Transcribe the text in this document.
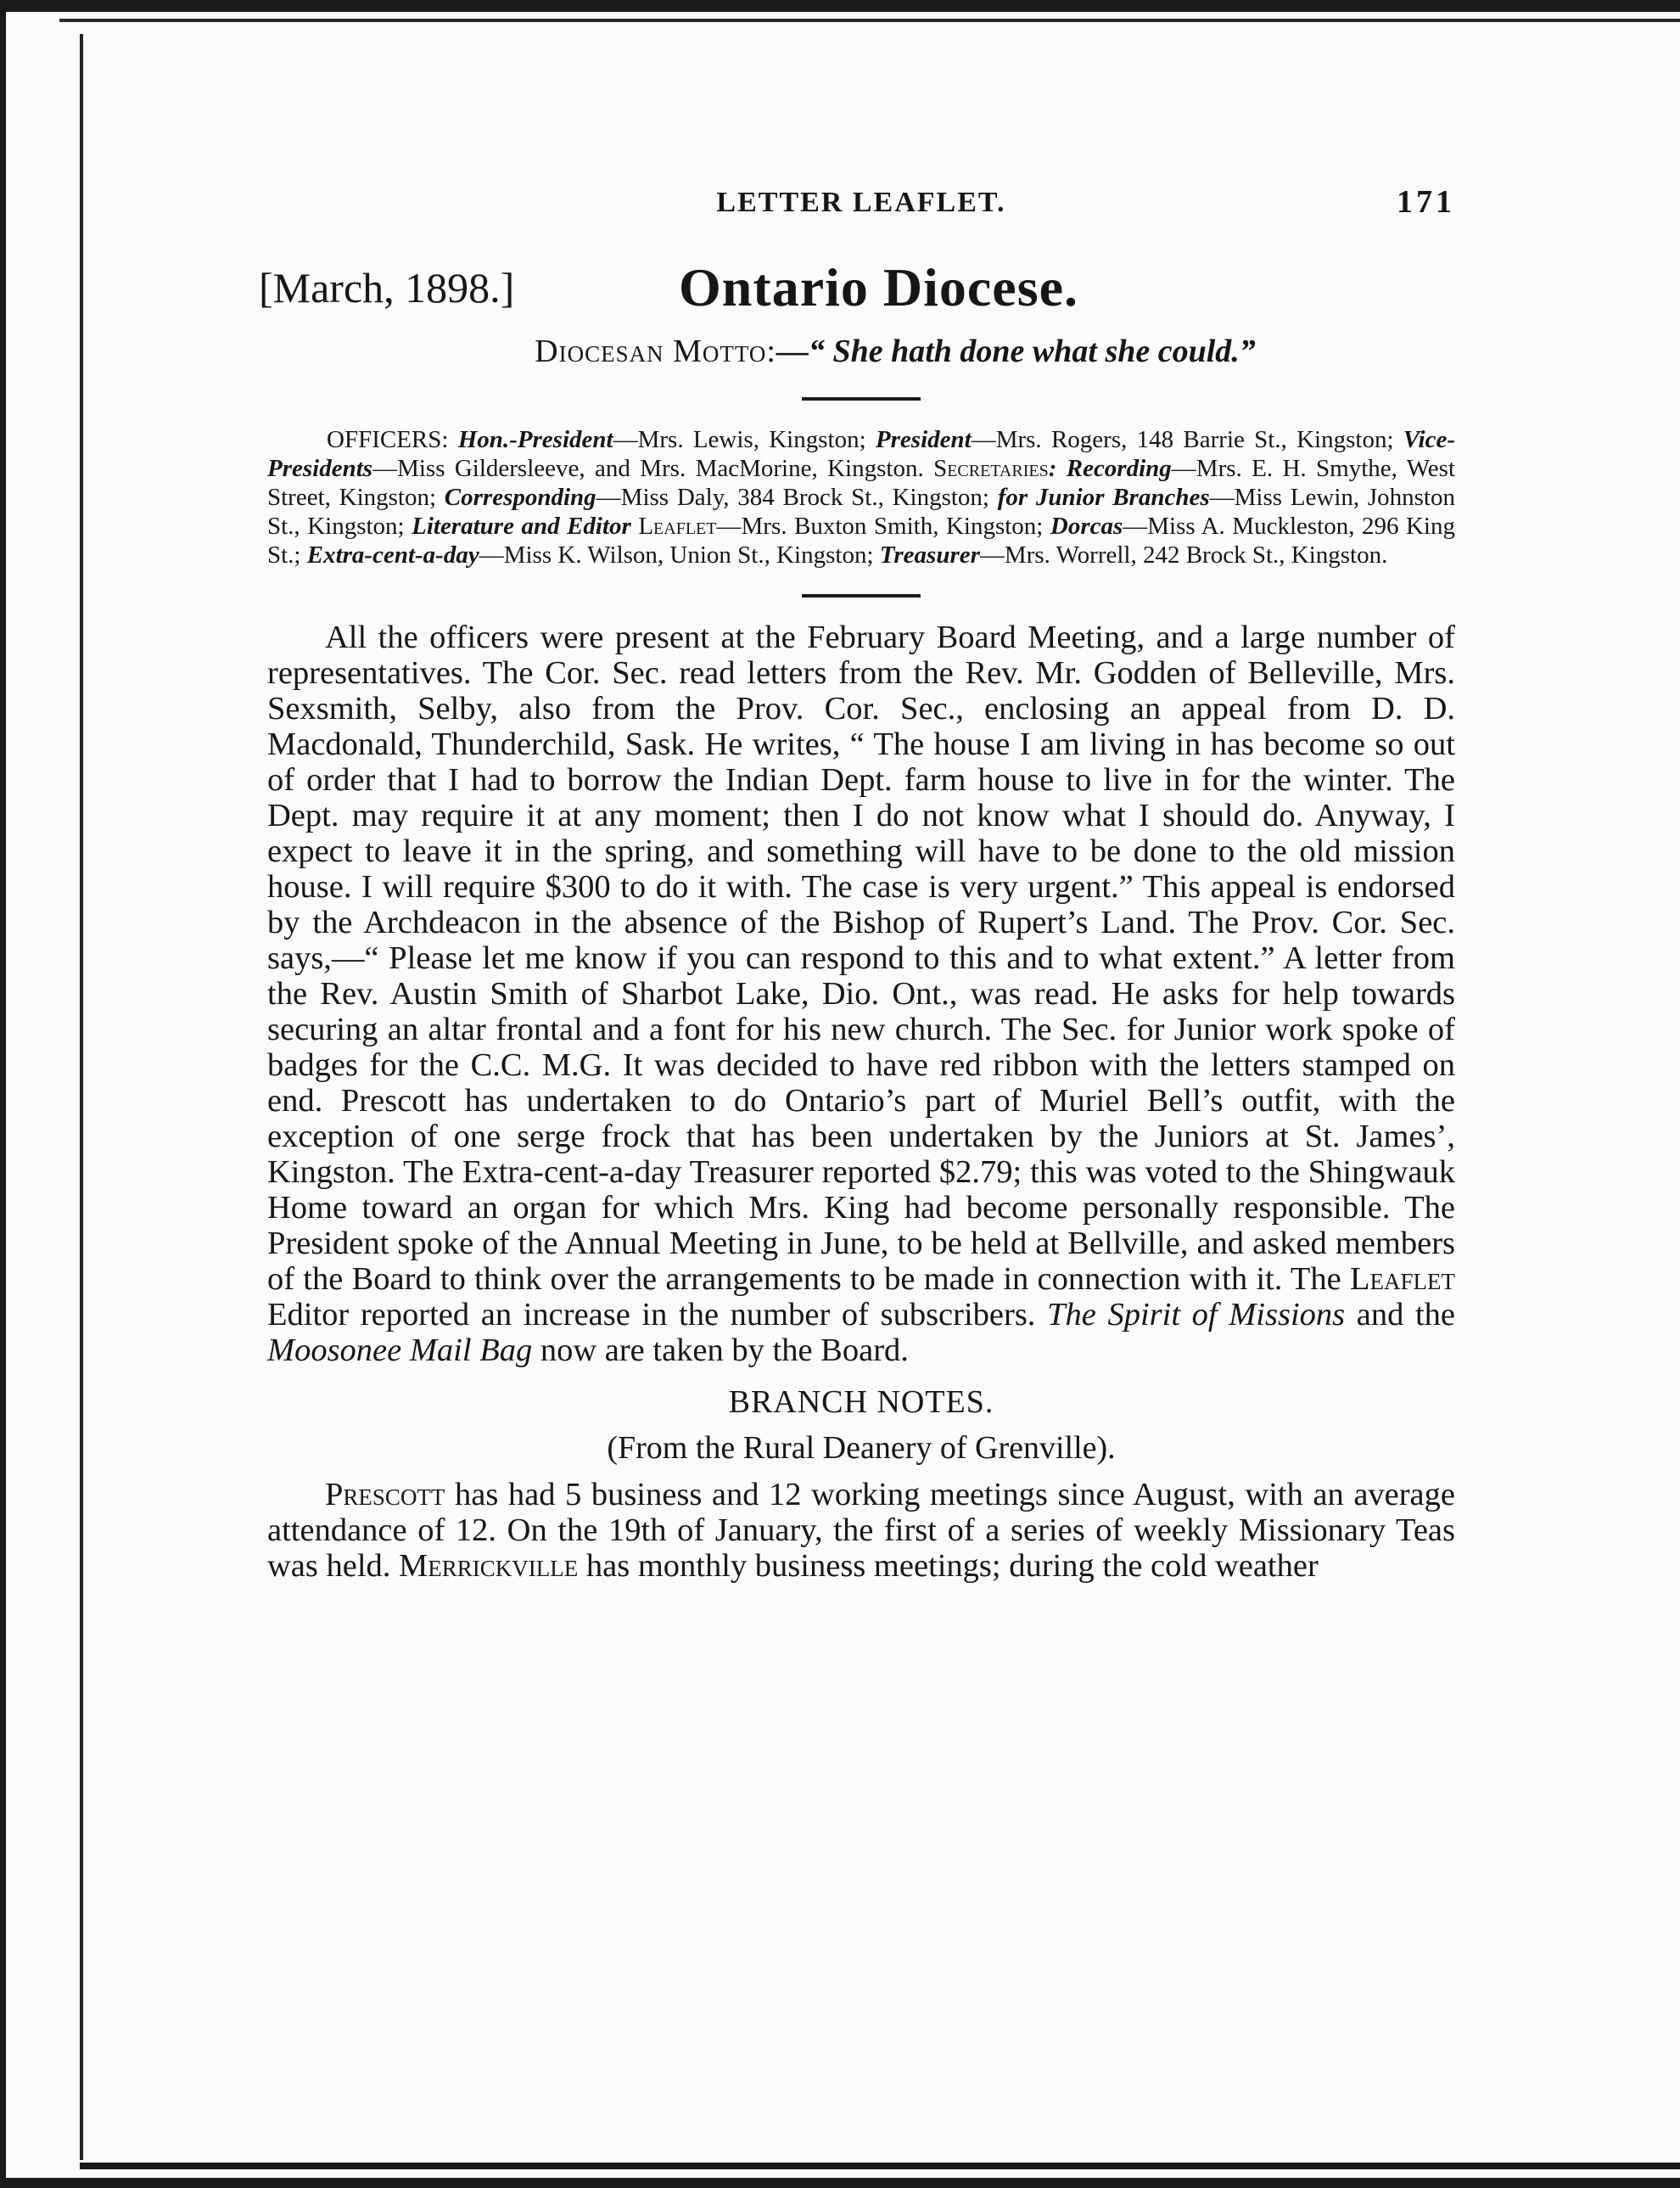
LETTER LEAFLET.	171
[March, 1898.]	Ontario Diocese.
Diocesan Motto:—“ She hath done what she could.”

OFFICERS: Hon.-President—Mrs. Lewis, Kingston; President—Mrs. Rogers, 148 Barrie St., Kingston; Vice-Presidents—Miss Gildersleeve, and Mrs. MacMorine, Kingston. Secretaries: Recording—Mrs. E. H. Smythe, West Street, Kingston; Corresponding—Miss Daly, 384 Brock St., Kingston; for Junior Branches—Miss Lewin, Johnston St., Kingston; Literature and Editor Leaflet—Mrs. Buxton Smith, Kingston; Dorcas—Miss A. Muckleston, 296 King St.; Extra-cent-a-day—Miss K. Wilson, Union St., Kingston; Treasurer—Mrs. Worrell, 242 Brock St., Kingston.

All the officers were present at the February Board Meeting, and a large number of representatives. The Cor. Sec. read letters from the Rev. Mr. Godden of Belleville, Mrs. Sexsmith, Selby, also from the Prov. Cor. Sec., enclosing an appeal from D. D. Macdonald, Thunderchild, Sask. He writes, “ The house I am living in has become so out of order that I had to borrow the Indian Dept. farm house to live in for the winter. The Dept. may require it at any moment; then I do not know what I should do. Anyway, I expect to leave it in the spring, and something will have to be done to the old mission house. I will require $300 to do it with. The case is very urgent.” This appeal is endorsed by the Archdeacon in the absence of the Bishop of Rupert’s Land. The Prov. Cor. Sec. says,—“ Please let me know if you can respond to this and to what extent.” A letter from the Rev. Austin Smith of Sharbot Lake, Dio. Ont., was read. He asks for help towards securing an altar frontal and a font for his new church. The Sec. for Junior work spoke of badges for the C.C. M.G. It was decided to have red ribbon with the letters stamped on end. Prescott has undertaken to do Ontario’s part of Muriel Bell’s outfit, with the exception of one serge frock that has been undertaken by the Juniors at St. James’, Kingston. The Extra-cent-a-day Treasurer reported $2.79; this was voted to the Shingwauk Home toward an organ for which Mrs. King had become personally responsible. The President spoke of the Annual Meeting in June, to be held at Bellville, and asked members of the Board to think over the arrangements to be made in connection with it. The Leaflet Editor reported an increase in the number of subscribers. The Spirit of Missions and the Moosonee Mail Bag now are taken by the Board.

BRANCH NOTES.
(From the Rural Deanery of Grenville).

Prescott has had 5 business and 12 working meetings since August, with an average attendance of 12. On the 19th of January, the first of a series of weekly Missionary Teas was held. Merrickville has monthly business meetings; during the cold weather
